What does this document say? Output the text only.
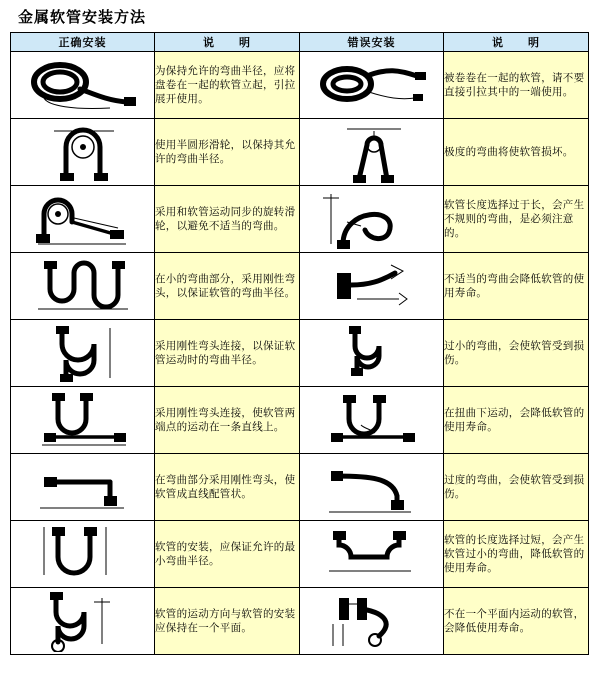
金属软管安装方法
正确安装	说　　明	错误安装	说　　明

	为保持允许的弯曲半径，应将盘卷在一起的软管立起，引拉展开使用。		被卷卷在一起的软管，请不要直接引拉其中的一端使用。

	使用半圆形滑轮，以保持其允许的弯曲半径。		极度的弯曲将使软管损坏。

	采用和软管运动同步的旋转滑轮，以避免不适当的弯曲。		软管长度选择过于长，会产生不规则的弯曲，是必须注意的。

	在小的弯曲部分，采用刚性弯头，以保证软管的弯曲半径。		不适当的弯曲会降低软管的使用寿命。

	采用刚性弯头连接，以保证软管运动时的弯曲半径。		过小的弯曲，会使软管受到损伤。

	采用刚性弯头连接，使软管两端点的运动在一条直线上。		在扭曲下运动，会降低软管的使用寿命。

	在弯曲部分采用刚性弯头，使软管成直线配管状。		过度的弯曲，会使软管受到损伤。

	软管的安装，应保证允许的最小弯曲半径。		软管的长度选择过短，会产生软管过小的弯曲，降低软管的使用寿命。

	软管的运动方向与软管的安装应保持在一个平面。		不在一个平面内运动的软管，会降低使用寿命。
